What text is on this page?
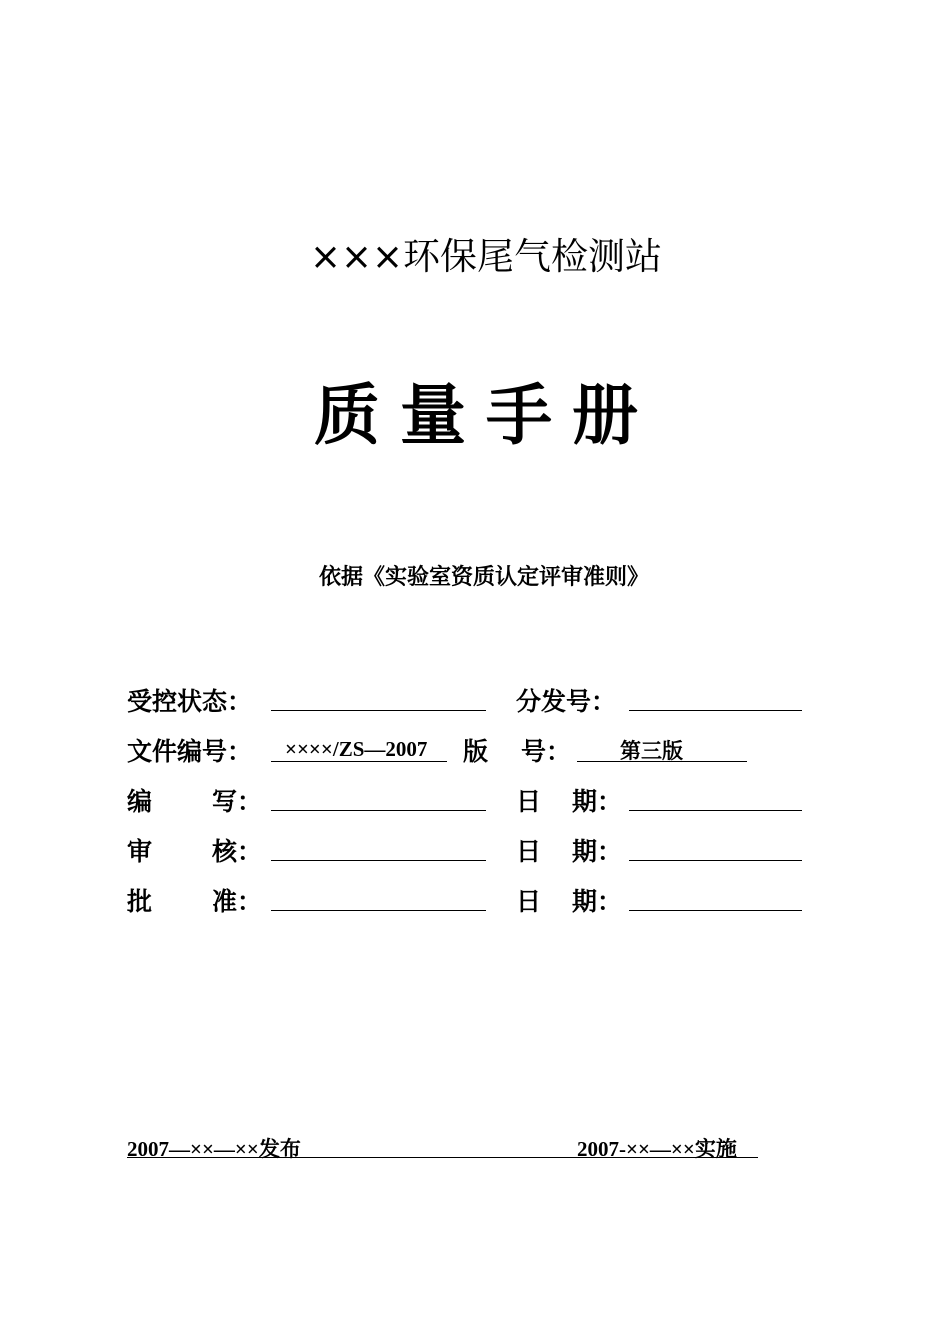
×××环保尾气检测站
质量手册
依据《实验室资质认定评审准则》
受控状态：	分发号：
文件编号： ××××/ZS—2007 版 号： 第三版
编 写：	日 期：
审 核：	日 期：
批 准：	日 期：
2007—××—××发布	2007-××—××实施
